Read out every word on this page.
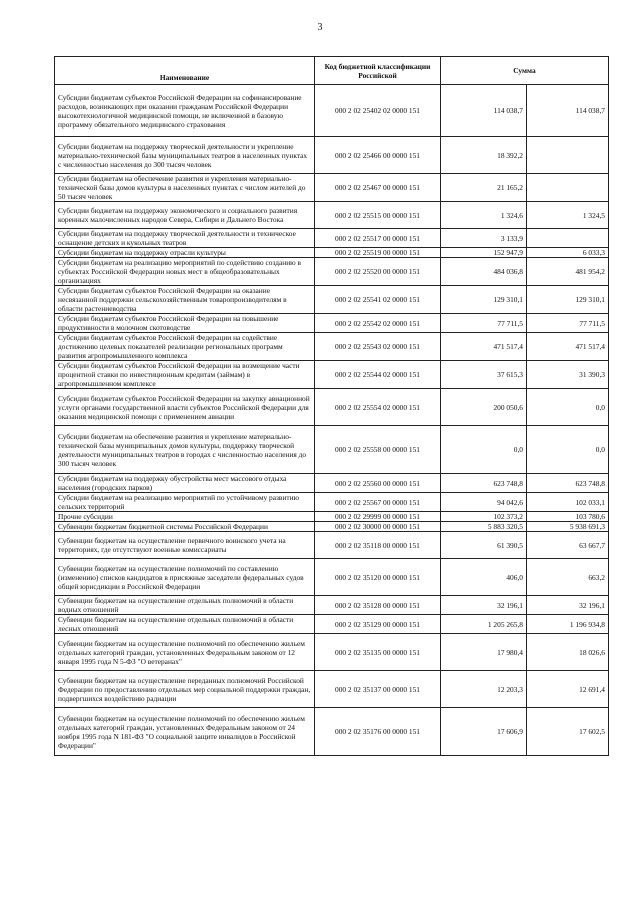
3
Наименование	Код бюджетной классификации Российской	Сумма	
Субсидии бюджетам субъектов Российской Федерации на софинансирование расходов, возникающих при оказании гражданам Российской Федерации высокотехнологичной медицинской помощи, не включенной в базовую программу обязательного медицинского страхования	000 2 02 25402 02 0000 151	114 038,7	114 038,7
Субсидии бюджетам на поддержку творческой деятельности и укрепление материально-технической базы муниципальных театров в населенных пунктах с численностью населения до 300 тысяч человек	000 2 02 25466 00 0000 151	18 392,2	
Субсидии бюджетам на обеспечение развития и укрепления материально-технической базы домов культуры в населенных пунктах с числом жителей до 50 тысяч человек	000 2 02 25467 00 0000 151	21 165,2	
Субсидии бюджетам на поддержку экономического и социального развития коренных малочисленных народов Севера, Сибири и Дальнего Востока	000 2 02 25515 00 0000 151	1 324,6	1 324,5
Субсидии бюджетам на поддержку творческой деятельности и техническое оснащение детских и кукольных театров	000 2 02 25517 00 0000 151	3 133,9	
Субсидии бюджетам на поддержку отрасли культуры	000 2 02 25519 00 0000 151	152 947,9	6 033,3
Субсидии бюджетам на реализацию мероприятий по содействию созданию в субъектах Российской Федерации новых мест в общеобразовательных организациях	000 2 02 25520 00 0000 151	484 036,8	481 954,2
Субсидии бюджетам субъектов Российской Федерации на оказание несвязанной поддержки сельскохозяйственным товаропроизводителям в области растениеводства	000 2 02 25541 02 0000 151	129 310,1	129 310,1
Субсидии бюджетам субъектов Российской Федерации на повышение продуктивности в молочном скотоводстве	000 2 02 25542 02 0000 151	77 711,5	77 711,5
Субсидии бюджетам субъектов Российской Федерации на содействие достижению целевых показателей реализации региональных программ развития агропромышленного комплекса	000 2 02 25543 02 0000 151	471 517,4	471 517,4
Субсидии бюджетам субъектов Российской Федерации на возмещение части процентной ставки по инвестиционным кредитам (займам) в агропромышленном комплексе	000 2 02 25544 02 0000 151	37 615,3	31 390,3
Субсидии бюджетам субъектов Российской Федерации на закупку авиационной услуги органами государственной власти субъектов Российской Федерации для оказания медицинской помощи с применением авиации	000 2 02 25554 02 0000 151	200 050,6	0,0
Субсидии бюджетам на обеспечение развития и укрепление материально-технической базы муниципальных домов культуры, поддержку творческой деятельности муниципальных театров в городах с численностью населения до 300 тысяч человек	000 2 02 25558 00 0000 151	0,0	0,0
Субсидии бюджетам на поддержку обустройства мест массового отдыха населения (городских парков)	000 2 02 25560 00 0000 151	623 748,8	623 748,8
Субсидии бюджетам на реализацию мероприятий по устойчивому развитию сельских территорий	000 2 02 25567 00 0000 151	94 042,6	102 033,1
Прочие субсидии	000 2 02 29999 00 0000 151	102 373,2	103 780,6
Субвенции бюджетам бюджетной системы Российской Федерации	000 2 02 30000 00 0000 151	5 883 320,5	5 938 691,3
Субвенции бюджетам на осуществление первичного воинского учета на территориях, где отсутствуют военные комиссариаты	000 2 02 35118 00 0000 151	61 390,5	63 667,7
Субвенции бюджетам на осуществление полномочий по составлению (изменению) списков кандидатов в присяжные заседатели федеральных судов общей юрисдикции в Российской Федерации	000 2 02 35120 00 0000 151	406,0	663,2
Субвенции бюджетам на осуществление отдельных полномочий в области водных отношений	000 2 02 35128 00 0000 151	32 196,1	32 196,1
Субвенции бюджетам на осуществление отдельных полномочий в области лесных отношений	000 2 02 35129 00 0000 151	1 205 265,8	1 196 934,8
Субвенции бюджетам на осуществление полномочий по обеспечению жильем отдельных категорий граждан, установленных Федеральным законом от 12 января 1995 года N 5-ФЗ "О ветеранах"	000 2 02 35135 00 0000 151	17 980,4	18 026,6
Субвенции бюджетам на осуществление переданных полномочий Российской Федерации по предоставлению отдельных мер социальной поддержки граждан, подвергшихся воздействию радиации	000 2 02 35137 00 0000 151	12 203,3	12 691,4
Субвенции бюджетам на осуществление полномочий по обеспечению жильем отдельных категорий граждан, установленных Федеральным законом от 24 ноября 1995 года N 181-ФЗ "О социальной защите инвалидов в Российской Федерации"	000 2 02 35176 00 0000 151	17 606,9	17 602,5
